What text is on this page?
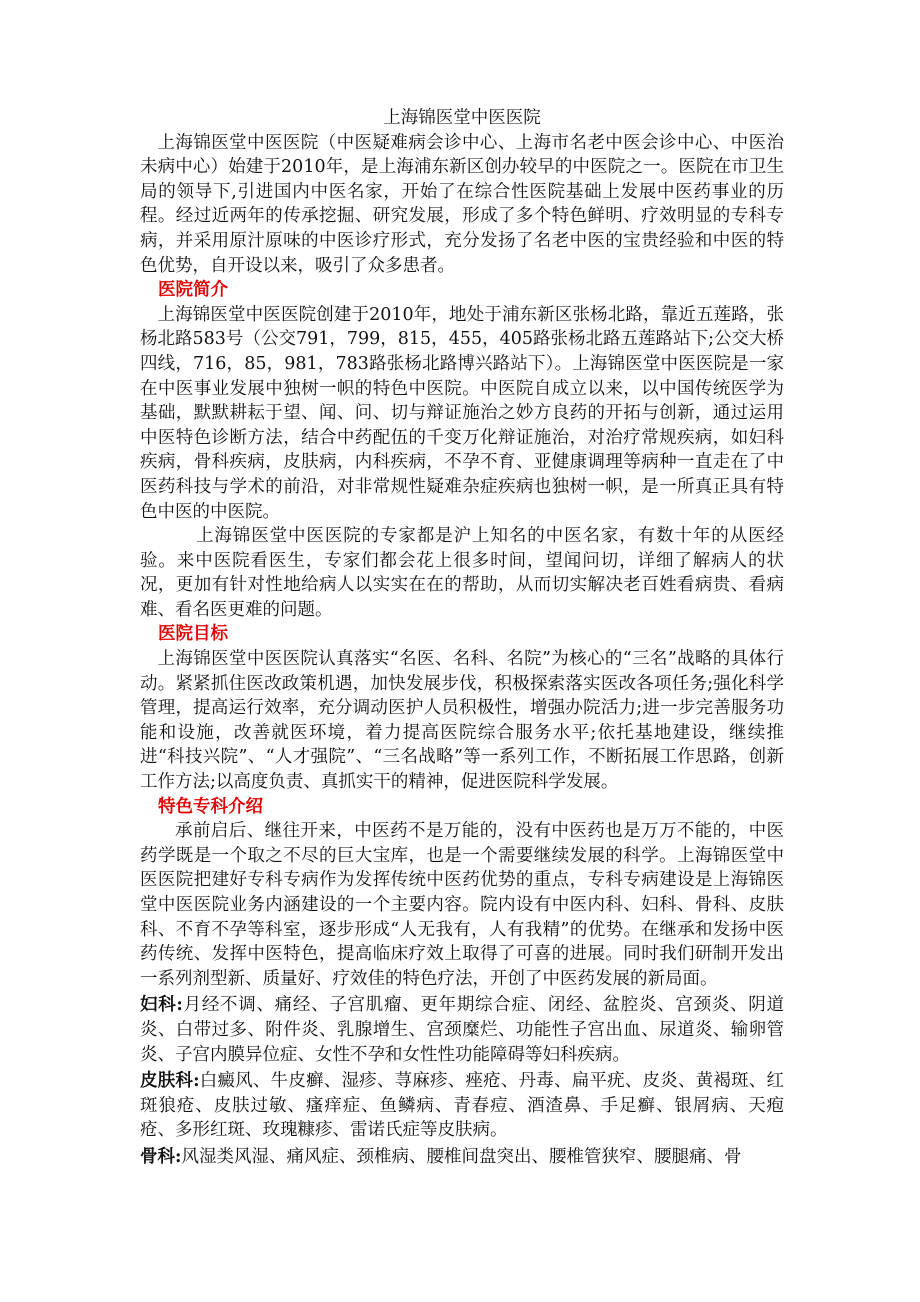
上海锦医堂中医医院

上海锦医堂中医医院（中医疑难病会诊中心、上海市名老中医会诊中心、中医治未病中心）始建于2010年，是上海浦东新区创办较早的中医院之一。医院在市卫生局的领导下,引进国内中医名家，开始了在综合性医院基础上发展中医药事业的历程。经过近两年的传承挖掘、研究发展，形成了多个特色鲜明、疗效明显的专科专病，并采用原汁原味的中医诊疗形式，充分发扬了名老中医的宝贵经验和中医的特色优势，自开设以来，吸引了众多患者。

医院简介

上海锦医堂中医医院创建于2010年，地处于浦东新区张杨北路，靠近五莲路，张杨北路583号（公交791，799，815，455，405路张杨北路五莲路站下;公交大桥四线，716，85，981，783路张杨北路博兴路站下）。上海锦医堂中医医院是一家在中医事业发展中独树一帜的特色中医院。中医院自成立以来，以中国传统医学为基础，默默耕耘于望、闻、问、切与辩证施治之妙方良药的开拓与创新，通过运用中医特色诊断方法，结合中药配伍的千变万化辩证施治，对治疗常规疾病，如妇科疾病，骨科疾病，皮肤病，内科疾病，不孕不育、亚健康调理等病种一直走在了中医药科技与学术的前沿，对非常规性疑难杂症疾病也独树一帜，是一所真正具有特色中医的中医院。

上海锦医堂中医医院的专家都是沪上知名的中医名家，有数十年的从医经验。来中医院看医生，专家们都会花上很多时间，望闻问切，详细了解病人的状况，更加有针对性地给病人以实实在在的帮助，从而切实解决老百姓看病贵、看病难、看名医更难的问题。

医院目标

上海锦医堂中医医院认真落实“名医、名科、名院”为核心的“三名”战略的具体行动。紧紧抓住医改政策机遇，加快发展步伐，积极探索落实医改各项任务;强化科学管理，提高运行效率，充分调动医护人员积极性，增强办院活力;进一步完善服务功能和设施，改善就医环境，着力提高医院综合服务水平;依托基地建设，继续推进“科技兴院”、“人才强院”、“三名战略”等一系列工作，不断拓展工作思路，创新工作方法;以高度负责、真抓实干的精神，促进医院科学发展。

特色专科介绍

承前启后、继往开来，中医药不是万能的，没有中医药也是万万不能的，中医药学既是一个取之不尽的巨大宝库，也是一个需要继续发展的科学。上海锦医堂中医医院把建好专科专病作为发挥传统中医药优势的重点，专科专病建设是上海锦医堂中医医院业务内涵建设的一个主要内容。院内设有中医内科、妇科、骨科、皮肤科、不育不孕等科室，逐步形成“人无我有，人有我精”的优势。在继承和发扬中医药传统、发挥中医特色，提高临床疗效上取得了可喜的进展。同时我们研制开发出一系列剂型新、质量好、疗效佳的特色疗法，开创了中医药发展的新局面。

妇科:月经不调、痛经、子宫肌瘤、更年期综合症、闭经、盆腔炎、宫颈炎、阴道炎、白带过多、附件炎、乳腺增生、宫颈糜烂、功能性子宫出血、尿道炎、输卵管炎、子宫内膜异位症、女性不孕和女性性功能障碍等妇科疾病。

皮肤科:白癜风、牛皮癣、湿疹、荨麻疹、痤疮、丹毒、扁平疣、皮炎、黄褐斑、红斑狼疮、皮肤过敏、瘙痒症、鱼鳞病、青春痘、酒渣鼻、手足癣、银屑病、天疱疮、多形红斑、玫瑰糠疹、雷诺氏症等皮肤病。

骨科:风湿类风湿、痛风症、颈椎病、腰椎间盘突出、腰椎管狭窄、腰腿痛、骨
